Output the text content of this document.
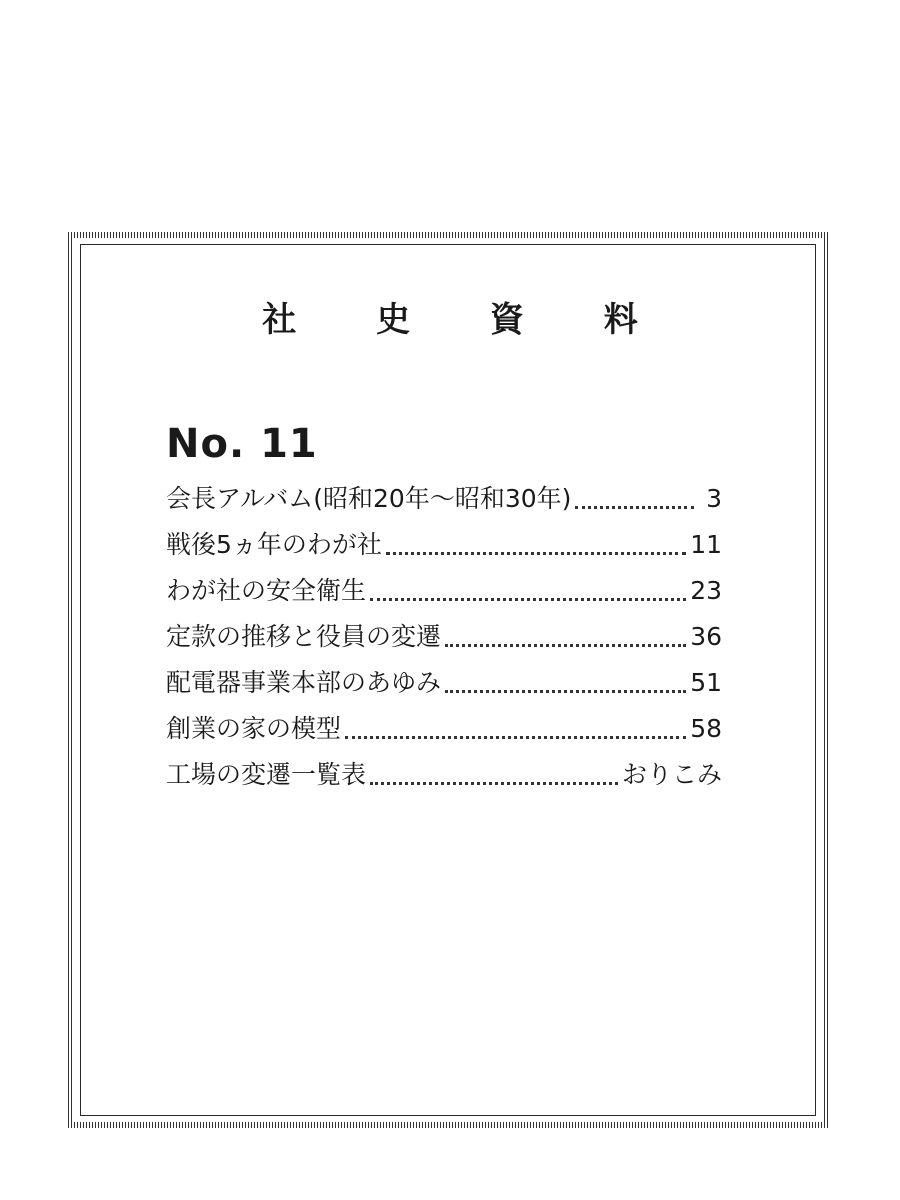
社 史 資 料
No. 11
会長アルバム(昭和20年〜昭和30年)	3
戦後5ヵ年のわが社	11
わが社の安全衛生	23
定款の推移と役員の変遷	36
配電器事業本部のあゆみ	51
創業の家の模型	58
工場の変遷一覧表	おりこみ
